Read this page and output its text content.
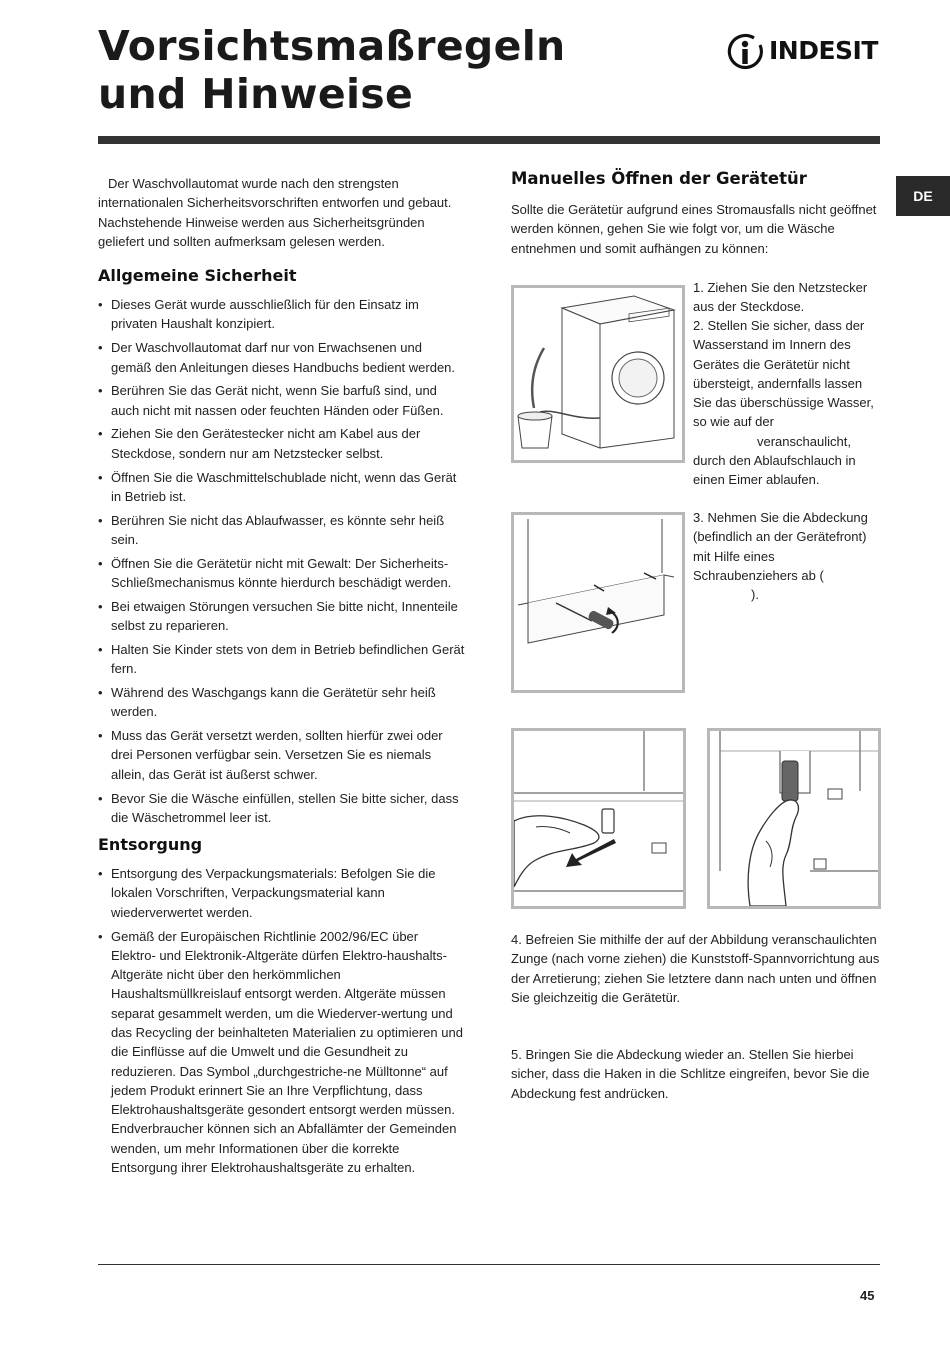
Vorsichtsmaßregeln
und Hinweise
INDESIT
DE

Der Waschvollautomat wurde nach den strengsten internationalen Sicherheitsvorschriften entworfen und gebaut. Nachstehende Hinweise werden aus Sicherheitsgründen geliefert und sollten aufmerksam gelesen werden.

Allgemeine Sicherheit
• Dieses Gerät wurde ausschließlich für den Einsatz im privaten Haushalt konzipiert.
• Der Waschvollautomat darf nur von Erwachsenen und gemäß den Anleitungen dieses Handbuchs bedient werden.
• Berühren Sie das Gerät nicht, wenn Sie barfuß sind, und auch nicht mit nassen oder feuchten Händen oder Füßen.
• Ziehen Sie den Gerätestecker nicht am Kabel aus der Steckdose, sondern nur am Netzstecker selbst.
• Öffnen Sie die Waschmittelschublade nicht, wenn das Gerät in Betrieb ist.
• Berühren Sie nicht das Ablaufwasser, es könnte sehr heiß sein.
• Öffnen Sie die Gerätetür nicht mit Gewalt: Der Sicherheits-Schließmechanismus könnte hierdurch beschädigt werden.
• Bei etwaigen Störungen versuchen Sie bitte nicht, Innenteile selbst zu reparieren.
• Halten Sie Kinder stets von dem in Betrieb befindlichen Gerät fern.
• Während des Waschgangs kann die Gerätetür sehr heiß werden.
• Muss das Gerät versetzt werden, sollten hierfür zwei oder drei Personen verfügbar sein. Versetzen Sie es niemals allein, das Gerät ist äußerst schwer.
• Bevor Sie die Wäsche einfüllen, stellen Sie bitte sicher, dass die Wäschetrommel leer ist.
Entsorgung
• Entsorgung des Verpackungsmaterials: Befolgen Sie die lokalen Vorschriften, Verpackungsmaterial kann wiederverwertet werden.
• Gemäß der Europäischen Richtlinie 2002/96/EC über Elektro- und Elektronik-Altgeräte dürfen Elektro-haushalts-Altgeräte nicht über den herkömmlichen Haushaltsmüllkreislauf entsorgt werden. Altgeräte müssen separat gesammelt werden, um die Wiederver-wertung und das Recycling der beinhalteten Materialien zu optimieren und die Einflüsse auf die Umwelt und die Gesundheit zu reduzieren. Das Symbol „durchgestriche-ne Mülltonne“ auf jedem Produkt erinnert Sie an Ihre Verpflichtung, dass Elektrohaushaltsgeräte gesondert entsorgt werden müssen. Endverbraucher können sich an Abfallämter der Gemeinden wenden, um mehr Informationen über die korrekte Entsorgung ihrer Elektrohaushaltsgeräte zu erhalten.
Manuelles Öffnen der Gerätetür

Sollte die Gerätetür aufgrund eines Stromausfalls nicht geöffnet werden können, gehen Sie wie folgt vor, um die Wäsche entnehmen und somit aufhängen zu können:

1. Ziehen Sie den Netzstecker aus der Steckdose.
2. Stellen Sie sicher, dass der Wasserstand im Innern des Gerätes die Gerätetür nicht übersteigt, andernfalls lassen Sie das überschüssige Wasser, so wie auf der
veranschaulicht, durch den Ablaufschlauch in einen Eimer ablaufen.
3. Nehmen Sie die Abdeckung (befindlich an der Gerätefront) mit Hilfe eines Schraubenziehers ab (
).
4. Befreien Sie mithilfe der auf der Abbildung veranschaulichten Zunge (nach vorne ziehen) die Kunststoff-Spannvorrichtung aus der Arretierung; ziehen Sie letztere dann nach unten und öffnen Sie gleichzeitig die Gerätetür.
5. Bringen Sie die Abdeckung wieder an. Stellen Sie hierbei sicher, dass die Haken in die Schlitze eingreifen, bevor Sie die Abdeckung fest andrücken.
45
